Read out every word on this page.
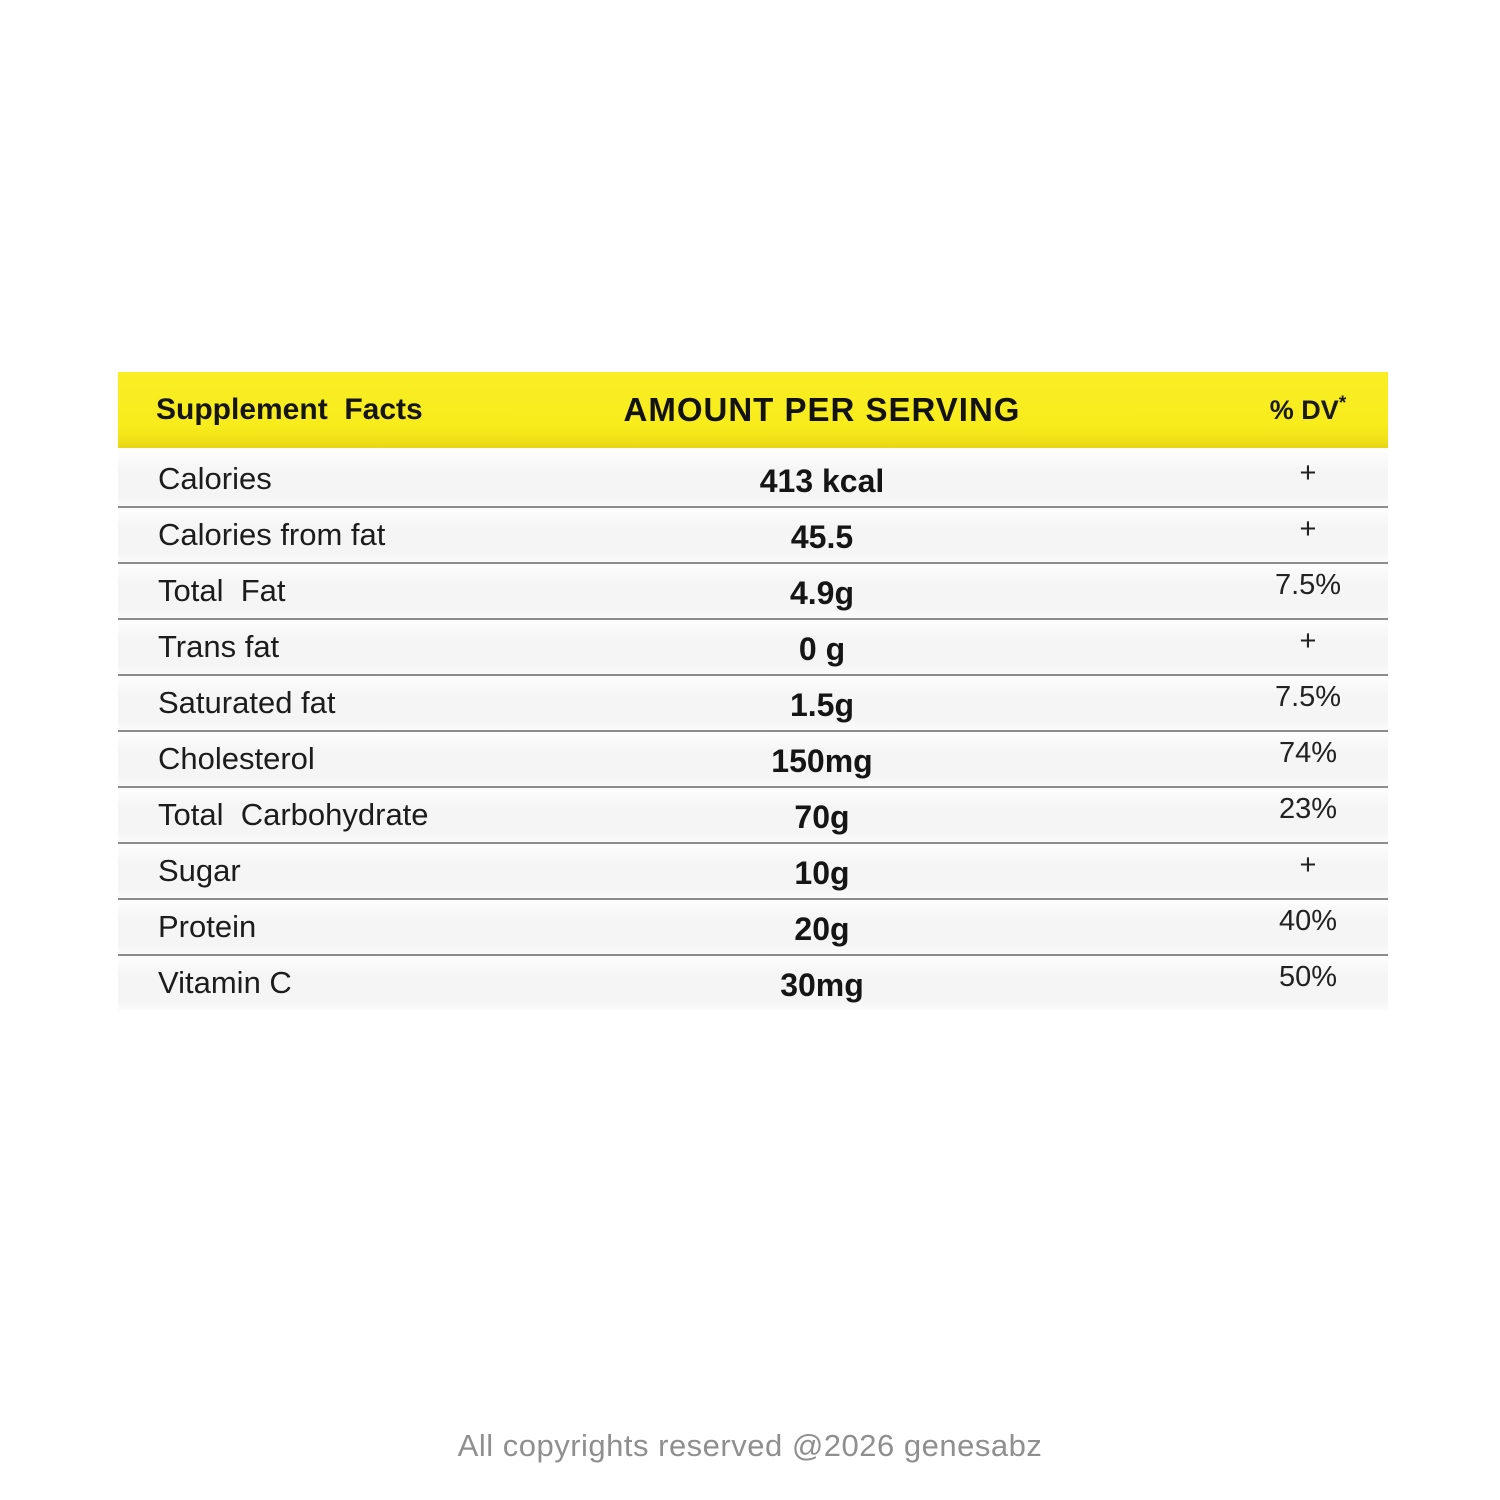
Supplement  Facts	AMOUNT PER SERVING	% DV*
Calories	413 kcal	+
Calories from fat	45.5	+
Total  Fat	4.9g	7.5%
Trans fat	0 g	+
Saturated fat	1.5g	7.5%
Cholesterol	150mg	74%
Total  Carbohydrate	70g	23%
Sugar	10g	+
Protein	20g	40%
Vitamin C	30mg	50%
All copyrights reserved @2026 genesabz
